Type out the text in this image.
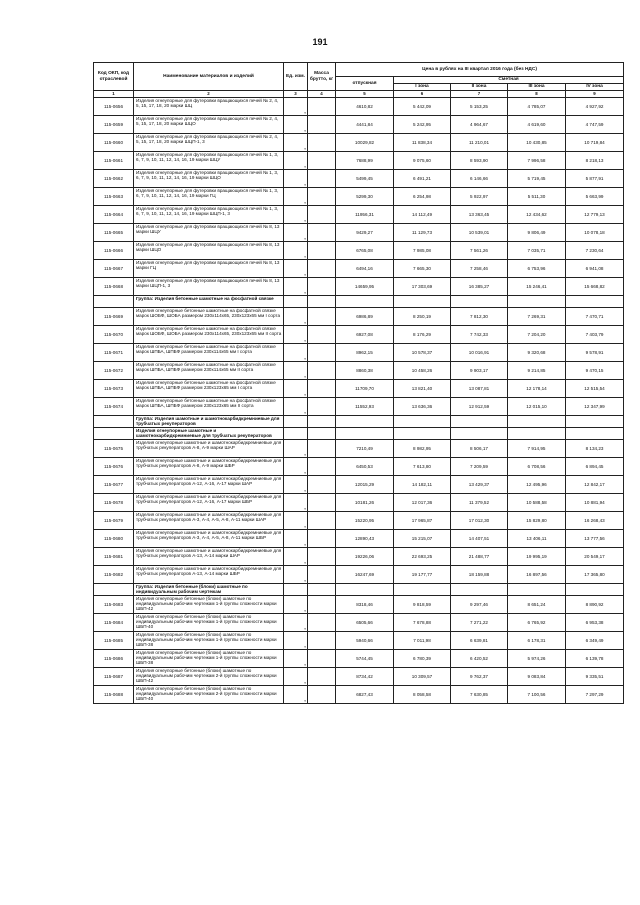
191
Код ОКП, код отраслевой	Наименование материалов и изделий	Ед. изм.	Масса брутто, кг	Цена в рублях на III квартал 2016 года (без НДС)				
				отпускная	Сметная			
					I зона	II зона	III зона	IV зона
1	2	3	4	5	6	7	8	9
115-0656	Изделия огнеупорные для футеровки вращающихся печей № 2, 4, 5, 15, 17, 18, 20 марки ШЦ	т		4610,82	5 442,09	5 153,25	4 785,07	4 927,92
115-0659	Изделия огнеупорные для футеровки вращающихся печей № 2, 4, 5, 15, 17, 18, 20 марки ШЦО	т		4441,84	5 242,95	4 964,67	4 619,60	4 747,59
115-0660	Изделия огнеупорные для футеровки вращающихся печей № 2, 4, 5, 15, 17, 18, 20 марки ШЦП-1, 3	т		10029,82	11 838,34	11 210,01	10 430,85	10 719,84
115-0661	Изделия огнеупорные для футеровки вращающихся печей № 1, 3, 6, 7, 9, 10, 11, 12, 14, 16, 19 марки ШЦУ	т		7688,99	9 075,60	8 593,90	7 996,58	8 218,13
115-0662	Изделия огнеупорные для футеровки вращающихся печей № 1, 3, 6, 7, 9, 10, 11, 12, 14, 16, 19 марки ШЦО	т		5499,45	6 491,21	6 146,66	5 719,45	5 877,91
115-0663	Изделия огнеупорные для футеровки вращающихся печей № 1, 3, 6, 7, 9, 10, 11, 12, 14, 16, 19 марки ГЦ	т		5299,30	6 254,98	5 922,97	5 511,30	5 663,99
115-0664	Изделия огнеупорные для футеровки вращающихся печей № 1, 3, 6, 7, 9, 10, 11, 12, 14, 16, 19 марки ШЦП-1, 3	т		11956,31	14 112,49	13 363,45	12 434,62	12 779,13
115-0665	Изделия огнеупорные для футеровки вращающихся печей № 8, 13 марки ШЦУ	т		9429,27	11 129,73	10 539,01	9 806,49	10 078,18
115-0666	Изделия огнеупорные для футеровки вращающихся печей № 8, 13 марки ШЦО	т		6765,08	7 985,08	7 561,26	7 035,71	7 230,64
115-0667	Изделия огнеупорные для футеровки вращающихся печей № 8, 13 марки ГЦ	т		6494,16	7 665,30	7 258,46	6 753,96	6 941,08
115-0668	Изделия огнеупорные для футеровки вращающихся печей № 8, 13 марки ШЦП-1, 3	т		14659,95	17 303,69	16 385,27	15 246,41	15 668,82
	Группа: Изделия бетонные шамотные на фосфатной связке							
115-0669	Изделия огнеупорные бетонные шамотные на фосфатной связке марок ШОБФ, ШОБА размером 230x114x65, 230x123x65 мм I сорта	т		6986,89	8 250,19	7 812,30	7 269,31	7 470,71
115-0670	Изделия огнеупорные бетонные шамотные на фосфатной связке марок ШОБФ, ШОБА размером 230x114x65, 230x123x65 мм II сорта	т		6927,08	8 176,29	7 742,33	7 204,20	7 403,79
115-0671	Изделия огнеупорные бетонные шамотные на фосфатной связке марок ШПБА, ШПБФ размером 230x114x65 мм I сорта	т		8962,15	10 578,37	10 016,91	9 320,68	9 578,91
115-0672	Изделия огнеупорные бетонные шамотные на фосфатной связке марок ШПБА, ШПБФ размером 230x114x65 мм II сорта	т		8860,38	10 458,26	9 903,17	9 214,85	9 470,15
115-0673	Изделия огнеупорные бетонные шамотные на фосфатной связке марок ШПБА, ШПБФ размером 230x123x65 мм I сорта	т		11709,70	13 821,40	13 087,81	12 178,14	12 515,54
115-0674	Изделия огнеупорные бетонные шамотные на фосфатной связке марок ШПБА, ШПБФ размером 230x123x65 мм II сорта	т		11552,93	13 636,36	12 912,59	12 015,10	12 347,99
	Группа: Изделия шамотные и шамотнокарбидкремниевые для трубчатых рекуператоров							
	Изделия огнеупорные шамотные и шамотнокарбидкремниевые для трубчатых рекуператоров							
115-0675	Изделия огнеупорные шамотные и шамотнокарбидкремниевые для трубчатых рекуператоров А-8, А-9 марки ШАР	т		7210,49	8 982,95	8 506,17	7 914,95	8 134,23
115-0676	Изделия огнеупорные шамотные и шамотнокарбидкремниевые для трубчатых рекуператоров А-8, А-9 марки ШБР	т		6450,53	7 613,80	7 209,59	6 708,56	6 894,45
115-0677	Изделия огнеупорные шамотные и шамотнокарбидкремниевые для трубчатых рекуператоров А-12, А-16, А-17 марки ШАР	т		12015,29	14 182,11	13 429,37	12 495,96	12 842,17
115-0678	Изделия огнеупорные шамотные и шамотнокарбидкремниевые для трубчатых рекуператоров А-12, А-16, А-17 марки ШБР	т		10181,26	12 017,36	11 379,52	10 588,58	10 881,94
115-0679	Изделия огнеупорные шамотные и шамотнокарбидкремниевые для трубчатых рекуператоров А-3, А-4, А-5, А-8, А-11 марки ШАР	т		15220,95	17 965,87	17 012,30	15 829,80	16 268,43
115-0680	Изделия огнеупорные шамотные и шамотнокарбидкремниевые для трубчатых рекуператоров А-3, А-4, А-5, А-8, А-11 марки ШБР	т		12890,43	15 215,07	14 407,51	13 406,11	13 777,56
115-0681	Изделия огнеупорные шамотные и шамотнокарбидкремниевые для трубчатых рекуператоров А-13, А-14 марки ШАР	т		19226,06	22 693,25	21 488,77	19 995,19	20 549,17
115-0682	Изделия огнеупорные шамотные и шамотнокарбидкремниевые для трубчатых рекуператоров А-13, А-14 марки ШБР	т		16247,69	19 177,77	18 159,88	16 897,56	17 365,80
	Группа: Изделия бетонные (блоки) шамотные по индивидуальным рабочим чертежам							
115-0683	Изделия огнеупорные бетонные (блоки) шамотные по индивидуальным рабочим чертежам 1-й группы сложности марки ШБП-42	т		8318,46	9 818,59	9 297,46	8 651,24	8 890,92
115-0684	Изделия огнеупорные бетонные (блоки) шамотные по индивидуальным рабочим чертежам 1-й группы сложности марки ШБП-40	т		6505,66	7 678,88	7 271,22	6 765,92	6 953,38
115-0685	Изделия огнеупорные бетонные (блоки) шамотные по индивидуальным рабочим чертежам 1-й группы сложности марки ШБП-38	т		5940,66	7 011,98	6 639,81	6 178,31	6 349,49
115-0686	Изделия огнеупорные бетонные (блоки) шамотные по индивидуальным рабочим чертежам 1-й группы сложности марки ШБП-38	т		5744,45	6 780,39	6 420,52	5 974,26	6 139,78
115-0687	Изделия огнеупорные бетонные (блоки) шамотные по индивидуальным рабочим чертежам 2-й группы сложности марки ШБП-42	т		8734,42	10 309,57	9 762,37	9 083,84	9 335,51
115-0688	Изделия огнеупорные бетонные (блоки) шамотные по индивидуальным рабочим чертежам 2-й группы сложности марки ШБП-40	т		6827,43	8 058,58	7 630,85	7 100,56	7 297,29
